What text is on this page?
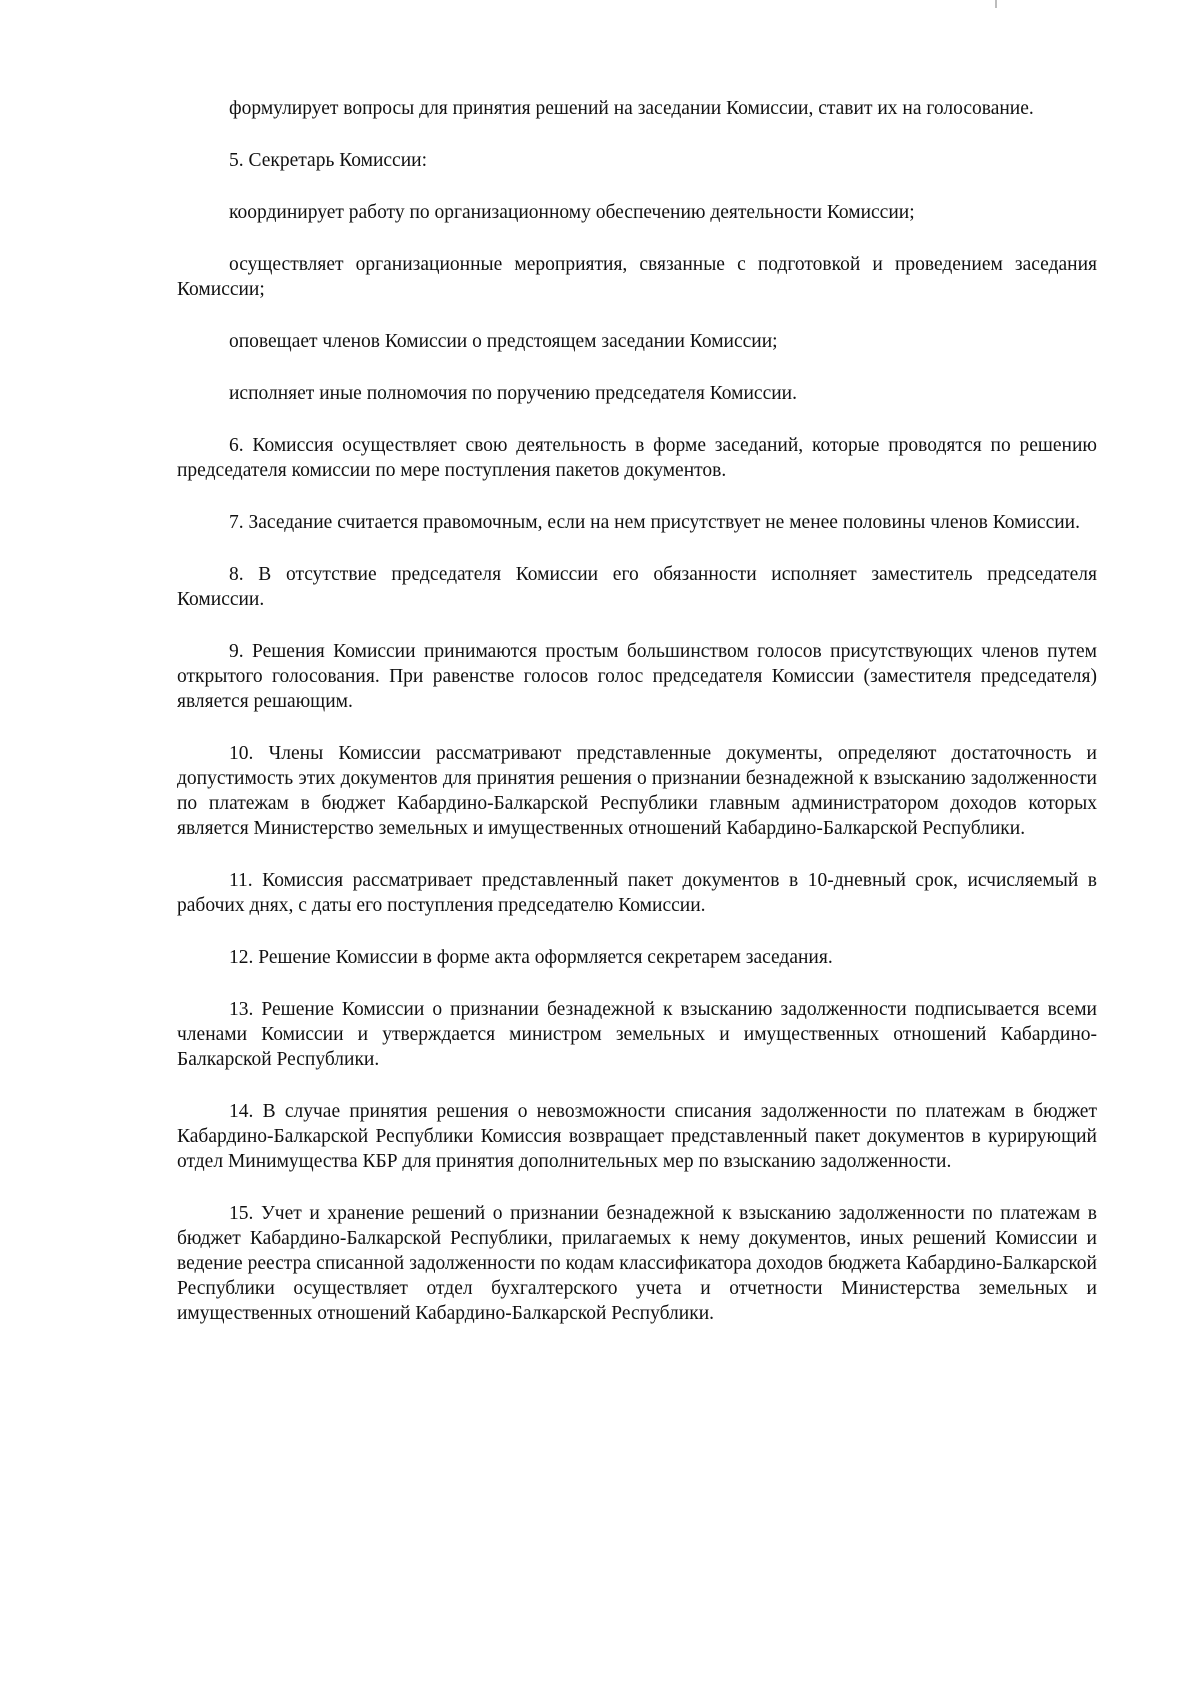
формулирует вопросы для принятия решений на заседании Комиссии, ставит их на голосование.

5. Секретарь Комиссии:

координирует работу по организационному обеспечению деятельности Комиссии;

осуществляет организационные мероприятия, связанные с подготовкой и проведением заседания Комиссии;

оповещает членов Комиссии о предстоящем заседании Комиссии;

исполняет иные полномочия по поручению председателя Комиссии.

6. Комиссия осуществляет свою деятельность в форме заседаний, которые проводятся по решению председателя комиссии по мере поступления пакетов документов.

7. Заседание считается правомочным, если на нем присутствует не менее половины членов Комиссии.

8. В отсутствие председателя Комиссии его обязанности исполняет заместитель председателя Комиссии.

9. Решения Комиссии принимаются простым большинством голосов присутствующих членов путем открытого голосования. При равенстве голосов голос председателя Комиссии (заместителя председателя) является решающим.

10. Члены Комиссии рассматривают представленные документы, определяют достаточность и допустимость этих документов для принятия решения о признании безнадежной к взысканию задолженности по платежам в бюджет Кабардино-Балкарской Республики главным администратором доходов которых является Министерство земельных и имущественных отношений Кабардино-Балкарской Республики.

11. Комиссия рассматривает представленный пакет документов в 10-дневный срок, исчисляемый в рабочих днях, с даты его поступления председателю Комиссии.

12. Решение Комиссии в форме акта оформляется секретарем заседания.

13. Решение Комиссии о признании безнадежной к взысканию задолженности подписывается всеми членами Комиссии и утверждается министром земельных и имущественных отношений Кабардино-Балкарской Республики.

14. В случае принятия решения о невозможности списания задолженности по платежам в бюджет Кабардино-Балкарской Республики Комиссия возвращает представленный пакет документов в курирующий отдел Минимущества КБР для принятия дополнительных мер по взысканию задолженности.

15. Учет и хранение решений о признании безнадежной к взысканию задолженности по платежам в бюджет Кабардино-Балкарской Республики, прилагаемых к нему документов, иных решений Комиссии и ведение реестра списанной задолженности по кодам классификатора доходов бюджета Кабардино-Балкарской Республики осуществляет отдел бухгалтерского учета и отчетности Министерства земельных и имущественных отношений Кабардино-Балкарской Республики.
